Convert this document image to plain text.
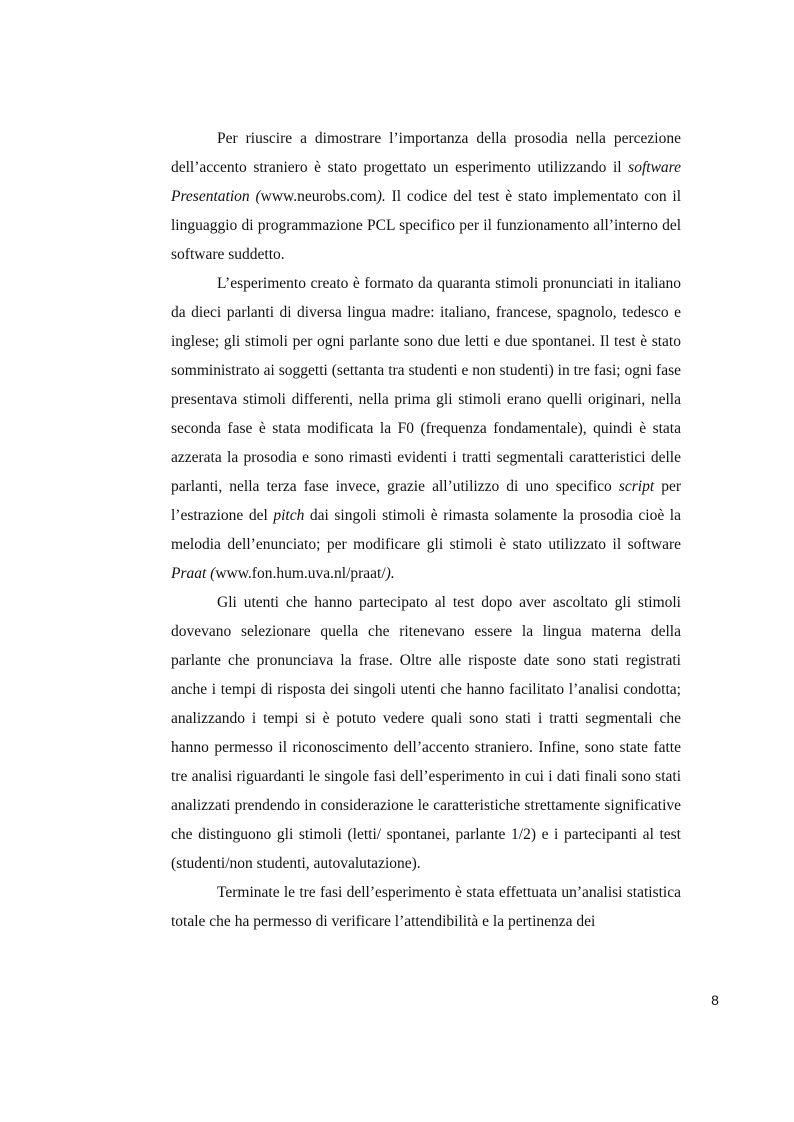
Per riuscire a dimostrare l’importanza della prosodia nella percezione dell’accento straniero è stato progettato un esperimento utilizzando il software Presentation (www.neurobs.com). Il codice del test è stato implementato con il linguaggio di programmazione PCL specifico per il funzionamento all’interno del software suddetto.

L’esperimento creato è formato da quaranta stimoli pronunciati in italiano da dieci parlanti di diversa lingua madre: italiano, francese, spagnolo, tedesco e inglese; gli stimoli per ogni parlante sono due letti e due spontanei. Il test è stato somministrato ai soggetti (settanta tra studenti e non studenti) in tre fasi; ogni fase presentava stimoli differenti, nella prima gli stimoli erano quelli originari, nella seconda fase è stata modificata la F0 (frequenza fondamentale), quindi è stata azzerata la prosodia e sono rimasti evidenti i tratti segmentali caratteristici delle parlanti, nella terza fase invece, grazie all’utilizzo di uno specifico script per l’estrazione del pitch dai singoli stimoli è rimasta solamente la prosodia cioè la melodia dell’enunciato; per modificare gli stimoli è stato utilizzato il software Praat (www.fon.hum.uva.nl/praat/).

Gli utenti che hanno partecipato al test dopo aver ascoltato gli stimoli dovevano selezionare quella che ritenevano essere la lingua materna della parlante che pronunciava la frase. Oltre alle risposte date sono stati registrati anche i tempi di risposta dei singoli utenti che hanno facilitato l’analisi condotta; analizzando i tempi si è potuto vedere quali sono stati i tratti segmentali che hanno permesso il riconoscimento dell’accento straniero. Infine, sono state fatte tre analisi riguardanti le singole fasi dell’esperimento in cui i dati finali sono stati analizzati prendendo in considerazione le caratteristiche strettamente significative che distinguono gli stimoli (letti/ spontanei, parlante 1/2) e i partecipanti al test (studenti/non studenti, autovalutazione).

Terminate le tre fasi dell’esperimento è stata effettuata un’analisi statistica totale che ha permesso di verificare l’attendibilità e la pertinenza dei

8
